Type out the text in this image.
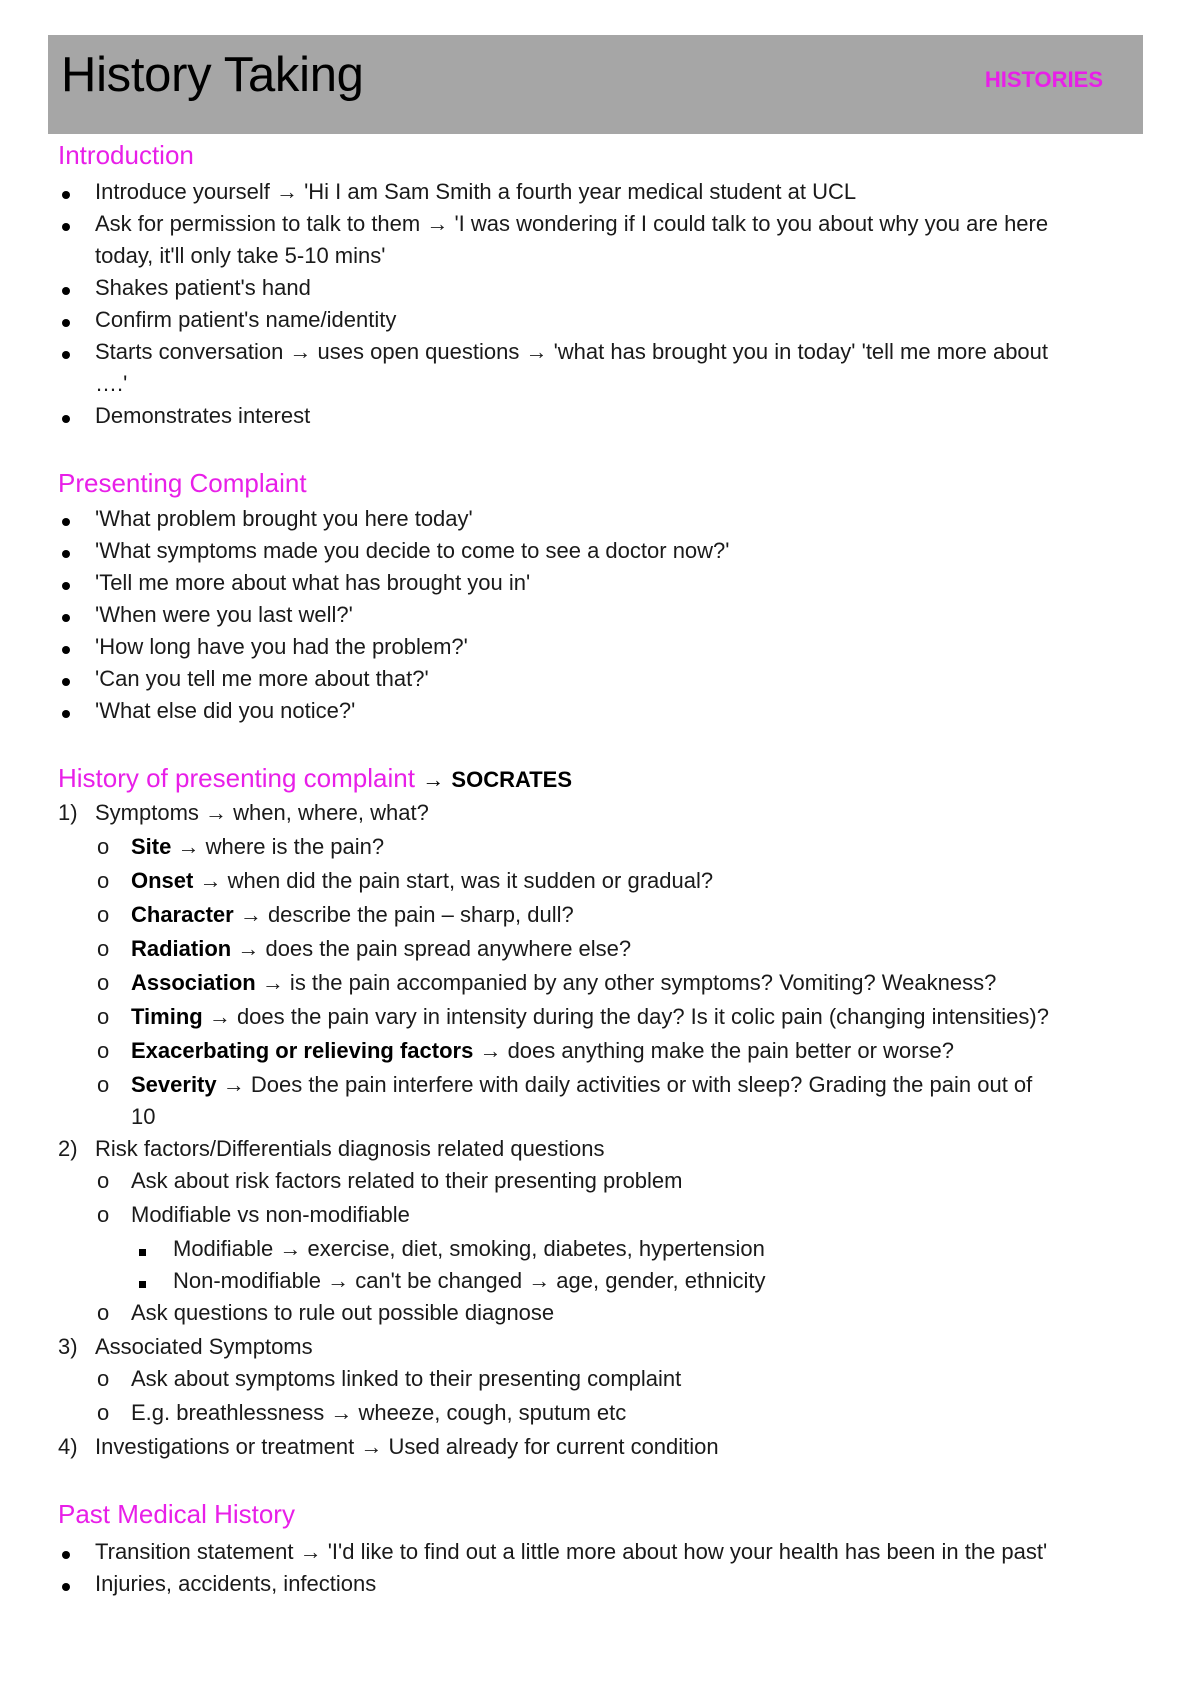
History Taking	HISTORIES
Introduction
Introduce yourself → 'Hi I am Sam Smith a fourth year medical student at UCL
Ask for permission to talk to them → 'I was wondering if I could talk to you about why you are here
today, it'll only take 5-10 mins'
Shakes patient's hand
Confirm patient's name/identity
Starts conversation → uses open questions → 'what has brought you in today' 'tell me more about
….'
Demonstrates interest
Presenting Complaint
'What problem brought you here today'
'What symptoms made you decide to come to see a doctor now?'
'Tell me more about what has brought you in'
'When were you last well?'
'How long have you had the problem?'
'Can you tell me more about that?'
'What else did you notice?'
History of presenting complaint → SOCRATES
1) Symptoms → when, where, what?
o Site → where is the pain?
o Onset → when did the pain start, was it sudden or gradual?
o Character → describe the pain – sharp, dull?
o Radiation → does the pain spread anywhere else?
o Association → is the pain accompanied by any other symptoms? Vomiting? Weakness?
o Timing → does the pain vary in intensity during the day? Is it colic pain (changing intensities)?
o Exacerbating or relieving factors → does anything make the pain better or worse?
o Severity → Does the pain interfere with daily activities or with sleep? Grading the pain out of
10
2) Risk factors/Differentials diagnosis related questions
o Ask about risk factors related to their presenting problem
o Modifiable vs non-modifiable
Modifiable → exercise, diet, smoking, diabetes, hypertension
Non-modifiable → can't be changed → age, gender, ethnicity
o Ask questions to rule out possible diagnose
3) Associated Symptoms
o Ask about symptoms linked to their presenting complaint
o E.g. breathlessness → wheeze, cough, sputum etc
4) Investigations or treatment → Used already for current condition
Past Medical History
Transition statement → 'I'd like to find out a little more about how your health has been in the past'
Injuries, accidents, infections
